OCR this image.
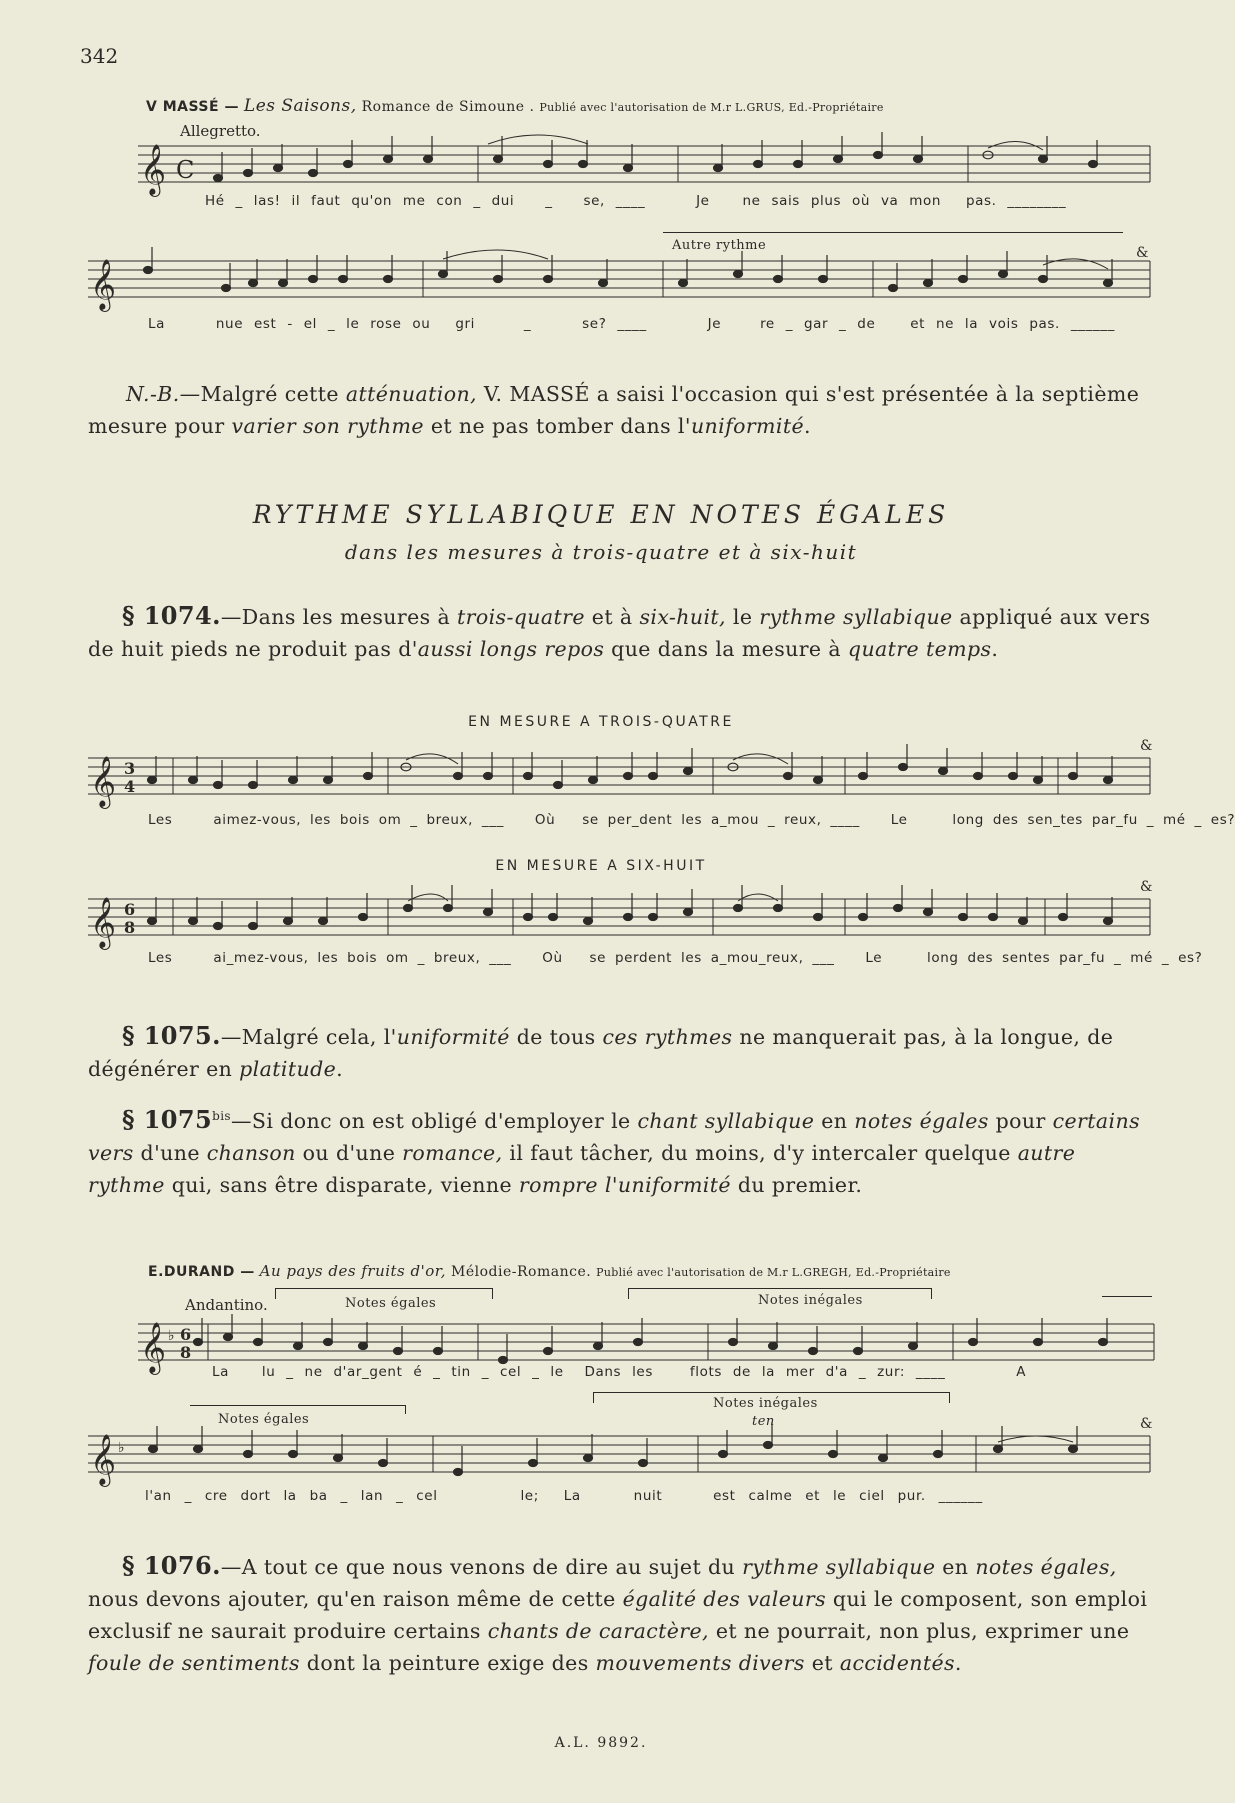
342
V MASSÉ — Les Saisons, Romance de Simoune . Publié avec l'autorisation de M.r L.GRUS, Ed.-Propriétaire
Allegretto.
𝄞 C
Hé _ las! il faut qu'on me con _ dui _ se, ____	Je ne sais plus où va mon pas. ________
Autre rythme
𝄞
&
La	nue est - el _ le rose ou gri	_	se? ____	Je	re _ gar _ de	et ne la vois pas. ______
N.-B.—Malgré cette atténuation, V. MASSÉ a saisi l'occasion qui s'est présentée à la septième mesure pour varier son rythme et ne pas tomber dans l'uniformité.
RYTHME SYLLABIQUE EN NOTES ÉGALES
dans les mesures à trois-quatre et à six-huit
§ 1074.—Dans les mesures à trois-quatre et à six-huit, le rythme syllabique appliqué aux vers de huit pieds ne produit pas d'aussi longs repos que dans la mesure à quatre temps.
EN MESURE A TROIS-QUATRE
𝄞 3
4
&
Les	aimez-vous, les bois om _ breux, ___ Où se per_dent les a_mou _ reux, ____ Le	long des sen_tes par_fu _ mé _ es?
EN MESURE A SIX-HUIT
𝄞 6
8
&
Les	ai_mez-vous, les bois om _ breux, ___ Où se perdent les a_mou_reux, ___ Le	long des sentes par_fu _ mé _ es?
§ 1075.—Malgré cela, l'uniformité de tous ces rythmes ne manquerait pas, à la longue, de dégénérer en platitude.
§ $1075^{bis}—Si$ donc on est obligé d'employer le chant syllabique en notes égales pour certains vers d'une chanson ou d'une romance, il faut tâcher, du moins, d'y intercaler quelque autre rythme qui, sans être disparate, vienne rompre l'uniformité du premier.
E.DURAND — Au pays des fruits d'or, Mélodie-Romance. Publié avec l'autorisation de M.r L.GREGH, Ed.-Propriétaire
Andantino.	Notes égales	Notes inégales
𝄞 ♭ 6
8
La lu _ ne d'ar_gent é _ tin _ cel _ le Dans les	flots de la mer d'a _ zur: ____	A
Notes égales
Notes inégales
ten
𝄞 ♭
&
l'an _ cre dort la ba _ lan _ cel	le; La	nuit	est calme et le ciel pur. ______
§ 1076.—A tout ce que nous venons de dire au sujet du rythme syllabique en notes égales, nous devons ajouter, qu'en raison même de cette égalité des valeurs qui le composent, son emploi exclusif ne saurait produire certains chants de caractère, et ne pourrait, non plus, exprimer une foule de sentiments dont la peinture exige des mouvements divers et accidentés.
A.L. 9892.
